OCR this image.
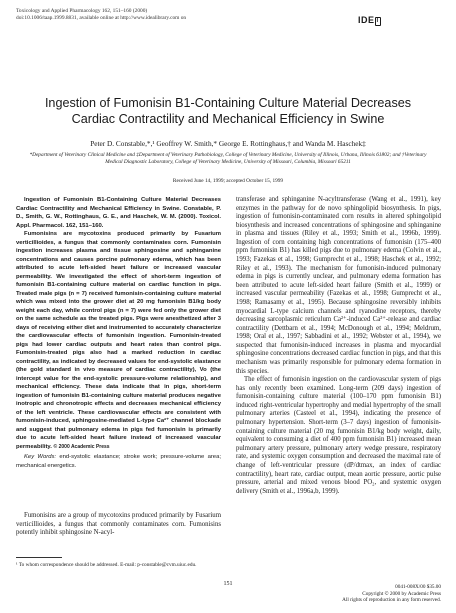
Toxicology and Applied Pharmacology 162, 151–160 (2000)
doi:10.1006/taap.1999.8831, available online at http://www.idealibrary.com on	IDE l
Ingestion of Fumonisin B1-Containing Culture Material Decreases Cardiac Contractility and Mechanical Efficiency in Swine
Peter D. Constable,*,¹ Geoffrey W. Smith,* George E. Rottinghaus,† and Wanda M. Haschek‡
*Department of Veterinary Clinical Medicine and ‡Department of Veterinary Pathobiology, College of Veterinary Medicine, University of Illinois, Urbana, Illinois 61802; and †Veterinary Medical Diagnostic Laboratory, College of Veterinary Medicine, University of Missouri, Columbia, Missouri 65211
Received June 14, 1999; accepted October 15, 1999

Ingestion of Fumonisin B1-Containing Culture Material Decreases Cardiac Contractility and Mechanical Efficiency in Swine. Constable, P. D., Smith, G. W., Rottinghaus, G. E., and Haschek, W. M. (2000). Toxicol. Appl. Pharmacol. 162, 151–160.

Fumonisins are mycotoxins produced primarily by Fusarium verticillioides, a fungus that commonly contaminates corn. Fumonisin ingestion increases plasma and tissue sphingosine and sphinganine concentrations and causes porcine pulmonary edema, which has been attributed to acute left-sided heart failure or increased vascular permeability. We investigated the effect of short-term ingestion of fumonisin B1-containing culture material on cardiac function in pigs. Treated male pigs (n = 7) received fumonisin-containing culture material which was mixed into the grower diet at 20 mg fumonisin B1/kg body weight each day, while control pigs (n = 7) were fed only the grower diet on the same schedule as the treated pigs. Pigs were anesthetized after 3 days of receiving either diet and instrumented to accurately characterize the cardiovascular effects of fumonisin ingestion. Fumonisin-treated pigs had lower cardiac outputs and heart rates than control pigs. Fumonisin-treated pigs also had a marked reduction in cardiac contractility, as indicated by decreased values for end-systolic elastance (the gold standard in vivo measure of cardiac contractility), Vo (the intercept value for the end-systolic pressure-volume relationship), and mechanical efficiency. These data indicate that in pigs, short-term ingestion of fumonisin B1-containing culture material produces negative inotropic and chronotropic effects and decreases mechanical efficiency of the left ventricle. These cardiovascular effects are consistent with fumonisin-induced, sphingosine-mediated L-type Ca²⁺ channel blockade and suggest that pulmonary edema in pigs fed fumonisin is primarily due to acute left-sided heart failure instead of increased vascular permeability. © 2000 Academic Press

Key Words: end-systolic elastance; stroke work; pressure-volume area; mechanical energetics.

Fumonisins are a group of mycotoxins produced primarily by Fusarium verticillioides, a fungus that commonly contaminates corn. Fumonisins potently inhibit sphingosine N-acyl-

¹ To whom correspondence should be addressed. E-mail: p-constable@cvm.uiuc.edu.

transferase and sphinganine N-acyltransferase (Wang et al., 1991), key enzymes in the pathway for de novo sphingolipid biosynthesis. In pigs, ingestion of fumonisin-contaminated corn results in altered sphingolipid biosynthesis and increased concentrations of sphingosine and sphinganine in plasma and tissues (Riley et al., 1993; Smith et al., 1996b, 1999). Ingestion of corn containing high concentrations of fumonisin (175–400 ppm fumonisin B1) has killed pigs due to pulmonary edema (Colvin et al., 1993; Fazekas et al., 1998; Gumprecht et al., 1998; Haschek et al., 1992; Riley et al., 1993). The mechanism for fumonisin-induced pulmonary edema in pigs is currently unclear, and pulmonary edema formation has been attributed to acute left-sided heart failure (Smith et al., 1999) or increased vascular permeability (Fazekas et al., 1998; Gumprecht et al., 1998; Ramasamy et al., 1995). Because sphingosine reversibly inhibits myocardial L-type calcium channels and ryanodine receptors, thereby decreasing sarcoplasmic reticulum Ca²⁺-induced Ca²⁺-release and cardiac contractility (Dettbarn et al., 1994; McDonough et al., 1994; Meldrum, 1998; Oral et al., 1997; Sabbadini et al., 1992; Webster et al., 1994), we suspected that fumonisin-induced increases in plasma and myocardial sphingosine concentrations decreased cardiac function in pigs, and that this mechanism was primarily responsible for pulmonary edema formation in this species.

The effect of fumonisin ingestion on the cardiovascular system of pigs has only recently been examined. Long-term (209 days) ingestion of fumonisin-containing culture material (100–170 ppm fumonisin B1) induced right-ventricular hypertrophy and medial hypertrophy of the small pulmonary arteries (Casteel et al., 1994), indicating the presence of pulmonary hypertension. Short-term (3–7 days) ingestion of fumonisin-containing culture material (20 mg fumonisin B1/kg body weight, daily, equivalent to consuming a diet of 400 ppm fumonisin B1) increased mean pulmonary artery pressure, pulmonary artery wedge pressure, respiratory rate, and systemic oxygen consumption and decreased the maximal rate of change of left-ventricular pressure (dP/dtmax, an index of cardiac contractility), heart rate, cardiac output, mean aortic pressure, aortic pulse pressure, arterial and mixed venous blood PO₂, and systemic oxygen delivery (Smith et al., 1996a,b, 1999).

151	0041-008X/00 $35.00
Copyright © 2000 by Academic Press
All rights of reproduction in any form reserved.
